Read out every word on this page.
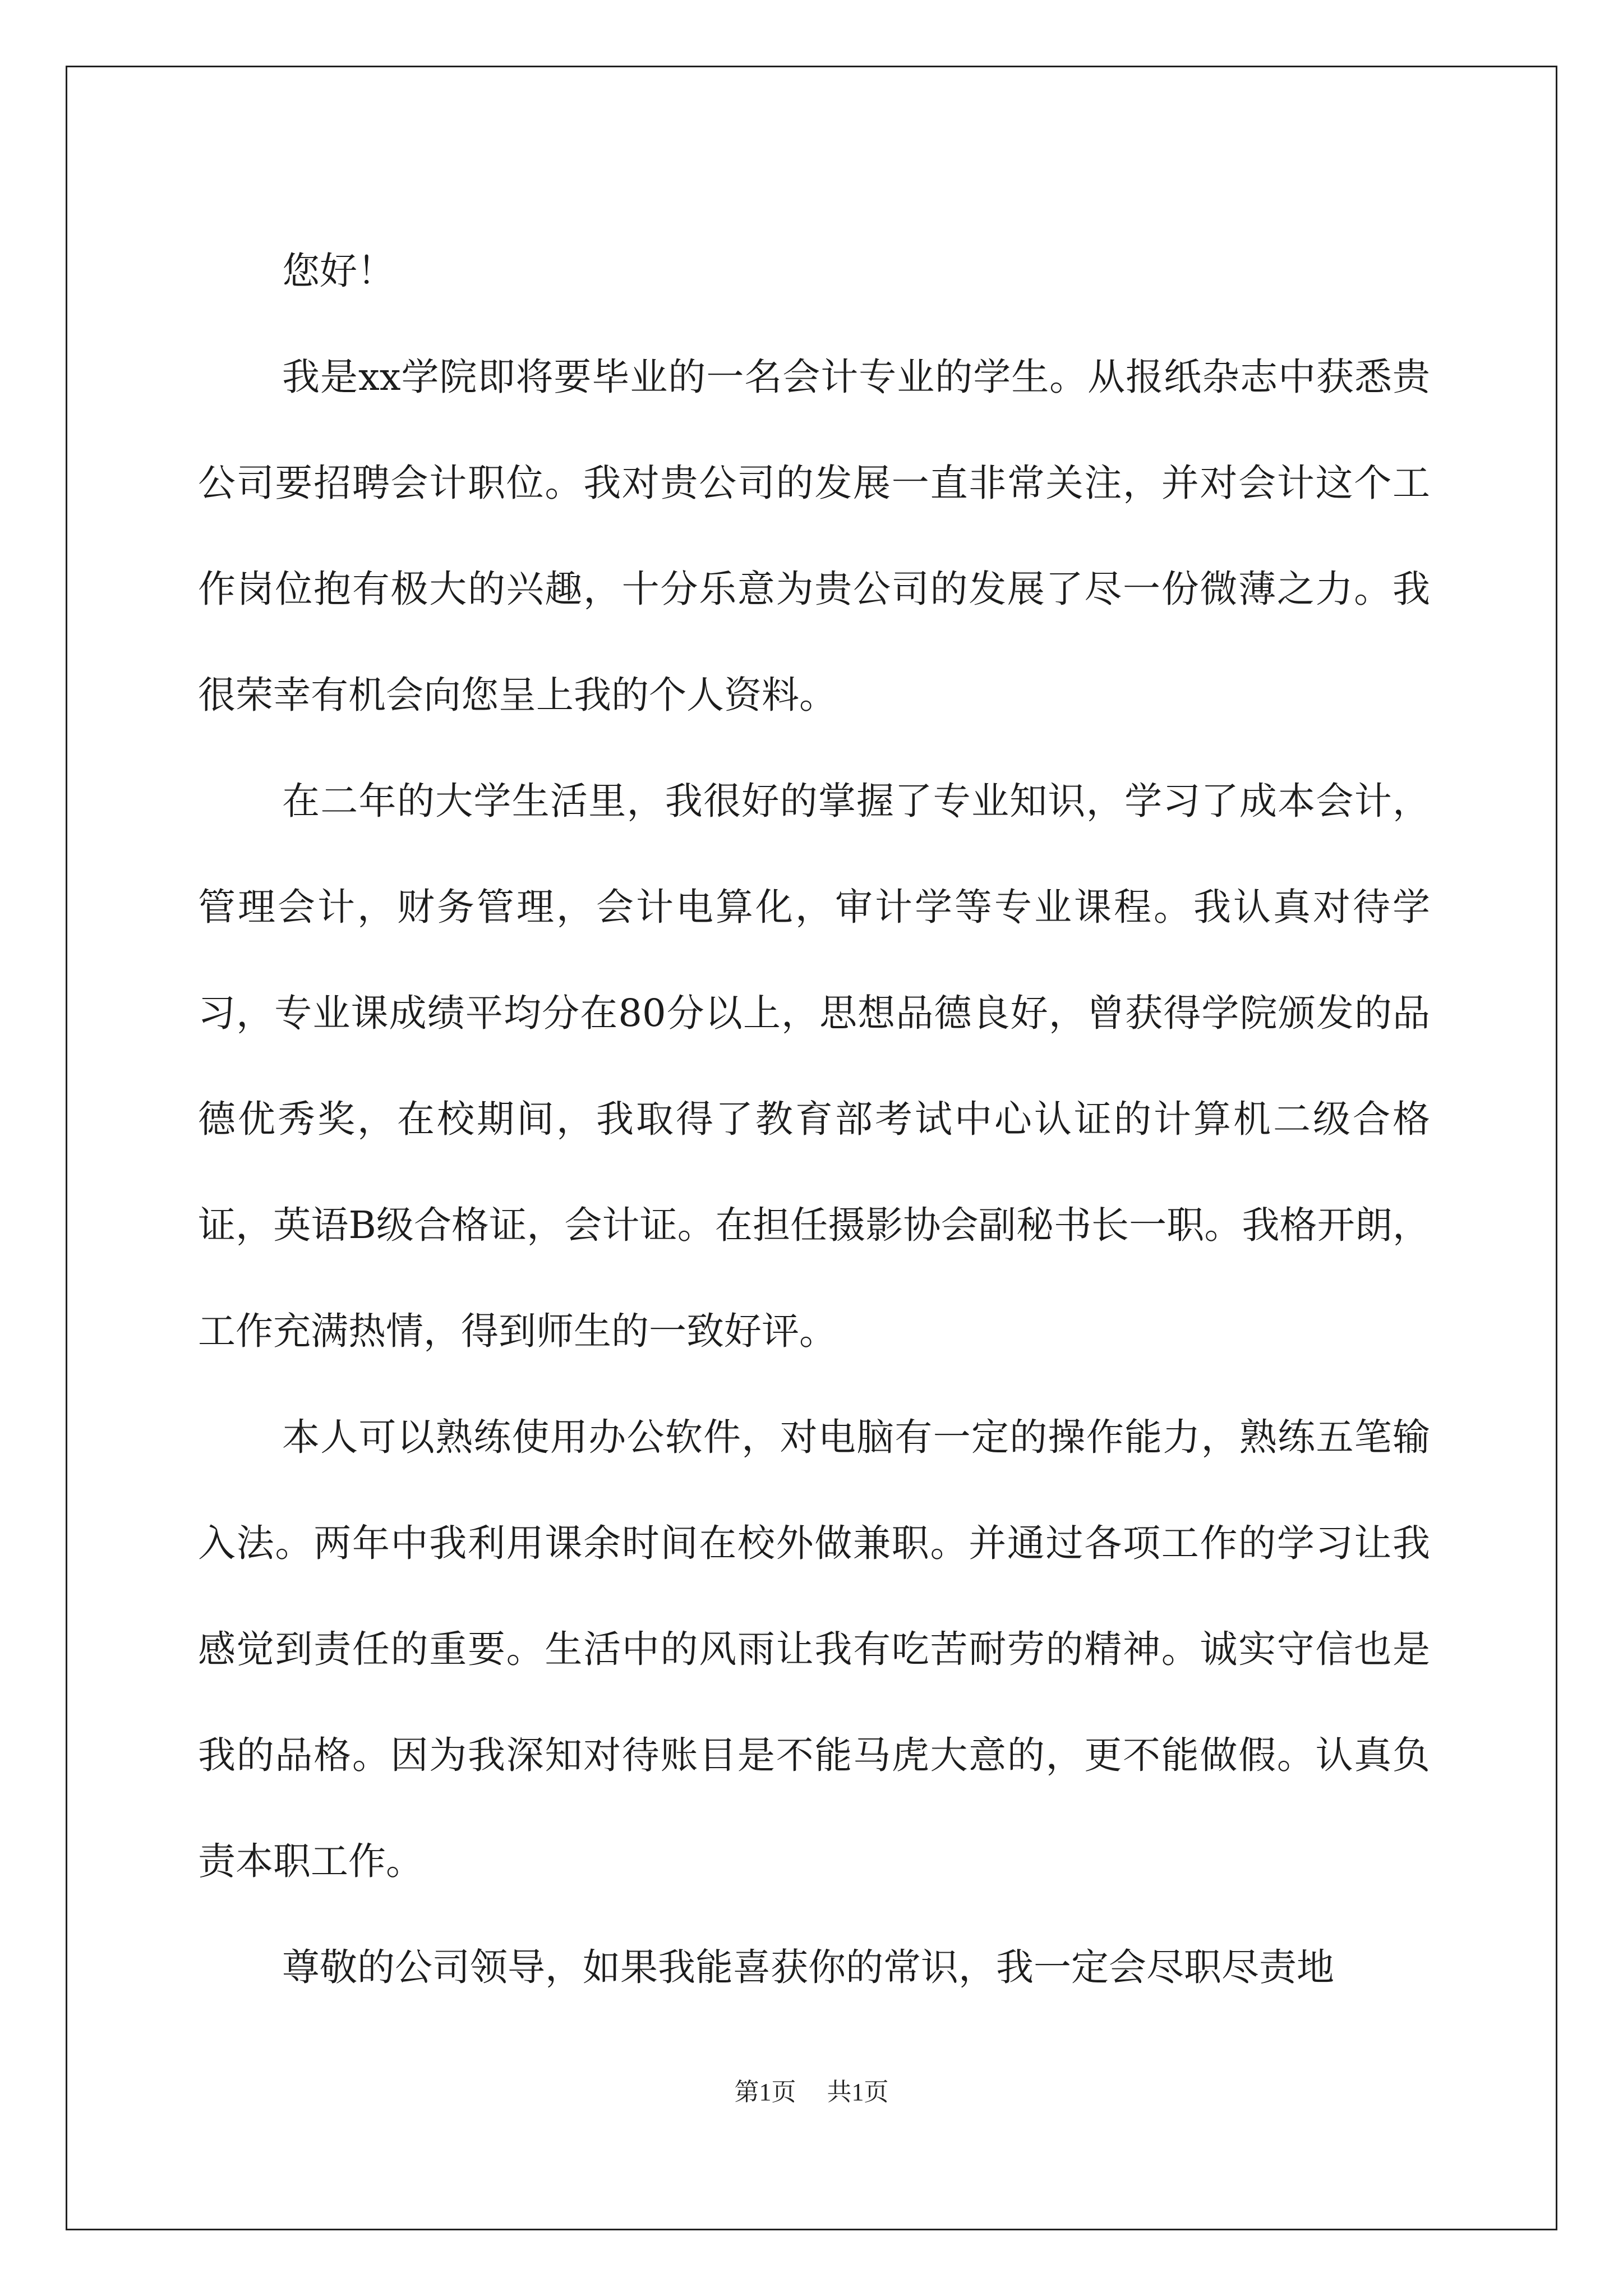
您好！

我是xx学院即将要毕业的一名会计专业的学生。从报纸杂志中获悉贵公司要招聘会计职位。我对贵公司的发展一直非常关注，并对会计这个工作岗位抱有极大的兴趣，十分乐意为贵公司的发展了尽一份微薄之力。我很荣幸有机会向您呈上我的个人资料。

在二年的大学生活里，我很好的掌握了专业知识，学习了成本会计，管理会计，财务管理，会计电算化，审计学等专业课程。我认真对待学习，专业课成绩平均分在80分以上，思想品德良好，曾获得学院颁发的品德优秀奖，在校期间，我取得了教育部考试中心认证的计算机二级合格证，英语B级合格证，会计证。在担任摄影协会副秘书长一职。我格开朗，工作充满热情，得到师生的一致好评。

本人可以熟练使用办公软件，对电脑有一定的操作能力，熟练五笔输入法。两年中我利用课余时间在校外做兼职。并通过各项工作的学习让我感觉到责任的重要。生活中的风雨让我有吃苦耐劳的精神。诚实守信也是我的品格。因为我深知对待账目是不能马虎大意的，更不能做假。认真负责本职工作。

尊敬的公司领导，如果我能喜获你的常识，我一定会尽职尽责地

第1页 共1页
